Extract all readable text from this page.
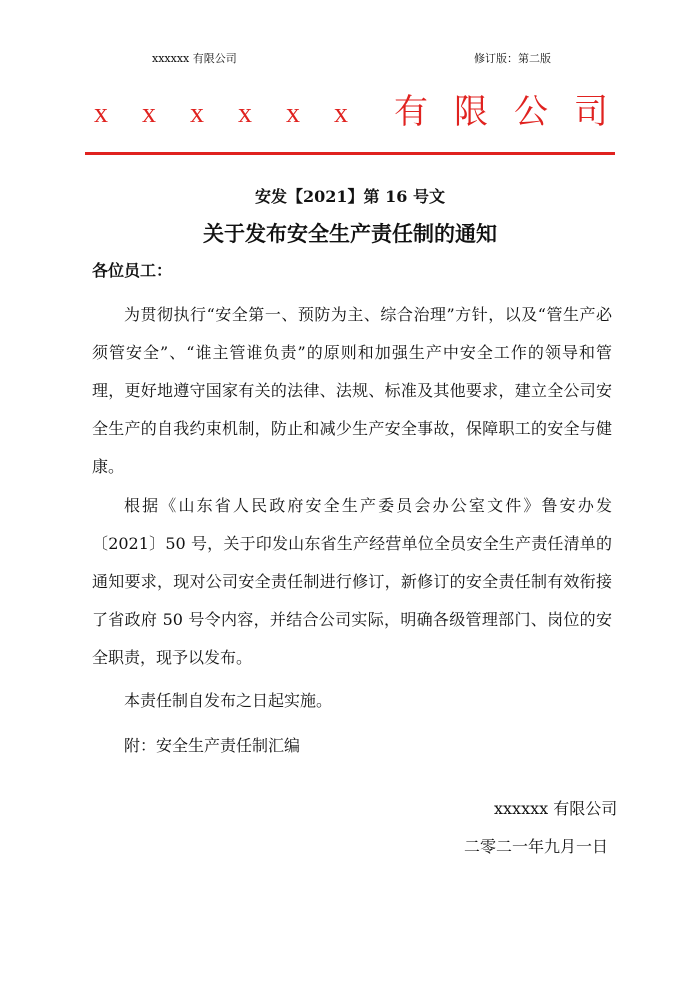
xxxxxx 有限公司	修订版：第二版
x x x x x x 有 限 公 司
安发【2021】第 16 号文
关于发布安全生产责任制的通知
各位员工：

为贯彻执行“安全第一、预防为主、综合治理”方针，以及“管生产必须管安全”、“谁主管谁负责”的原则和加强生产中安全工作的领导和管理，更好地遵守国家有关的法律、法规、标准及其他要求，建立全公司安全生产的自我约束机制，防止和减少生产安全事故，保障职工的安全与健康。

根据《山东省人民政府安全生产委员会办公室文件》鲁安办发〔2021〕50 号，关于印发山东省生产经营单位全员安全生产责任清单的通知要求，现对公司安全责任制进行修订，新修订的安全责任制有效衔接了省政府 50 号令内容，并结合公司实际，明确各级管理部门、岗位的安全职责，现予以发布。

本责任制自发布之日起实施。

附：安全生产责任制汇编

xxxxxx 有限公司
二零二一年九月一日
